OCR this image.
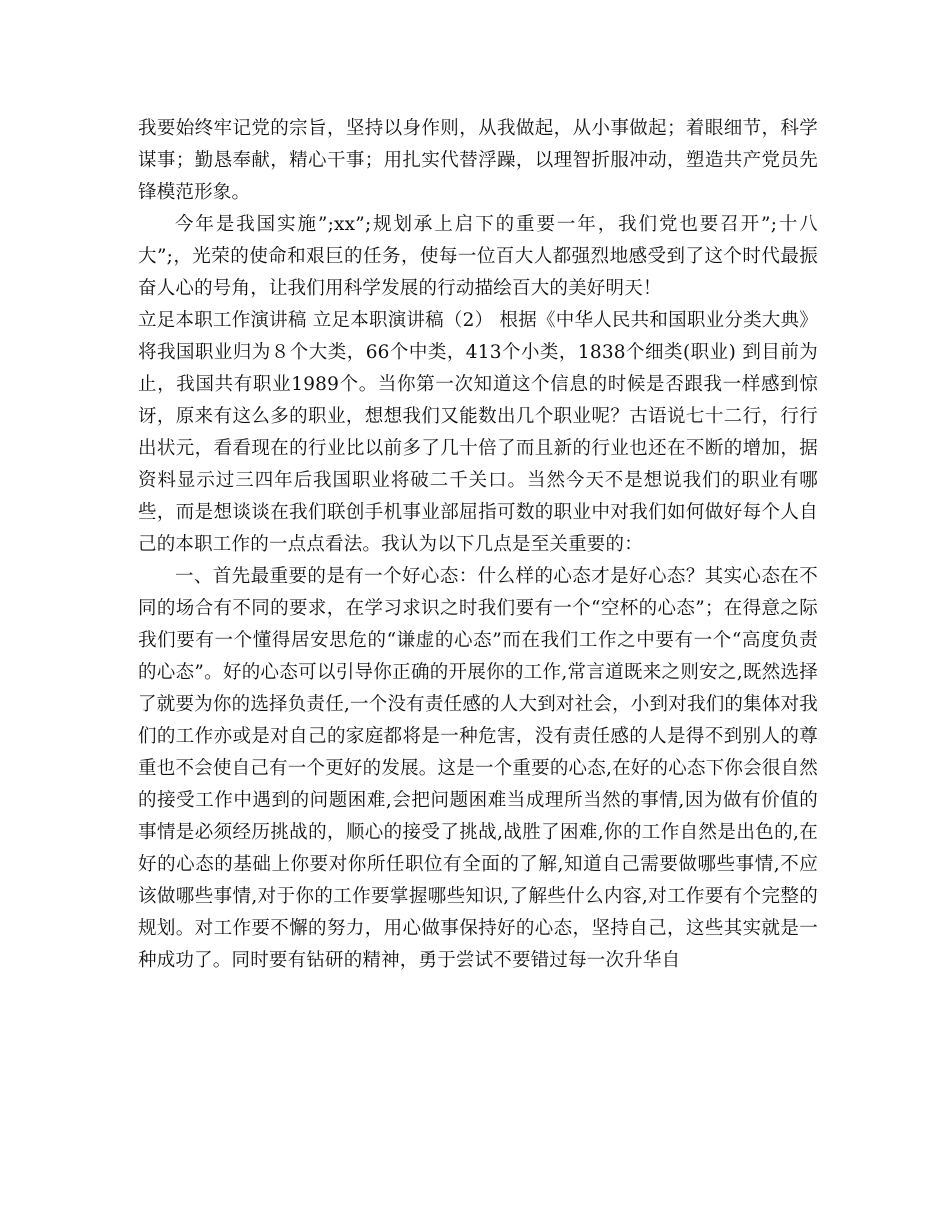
我要始终牢记党的宗旨，坚持以身作则，从我做起，从小事做起；着眼细节，科学谋事；勤恳奉献，精心干事；用扎实代替浮躁，以理智折服冲动，塑造共产党员先锋模范形象。

今年是我国实施”;xx”;规划承上启下的重要一年，我们党也要召开”;十八大”;，光荣的使命和艰巨的任务，使每一位百大人都强烈地感受到了这个时代最振奋人心的号角，让我们用科学发展的行动描绘百大的美好明天！

立足本职工作演讲稿 立足本职演讲稿（2） 根据《中华人民共和国职业分类大典》将我国职业归为８个大类，66个中类，413个小类，1838个细类(职业) 到目前为止，我国共有职业1989个。当你第一次知道这个信息的时候是否跟我一样感到惊讶，原来有这么多的职业，想想我们又能数出几个职业呢？古语说七十二行，行行出状元，看看现在的行业比以前多了几十倍了而且新的行业也还在不断的增加，据资料显示过三四年后我国职业将破二千关口。当然今天不是想说我们的职业有哪些，而是想谈谈在我们联创手机事业部屈指可数的职业中对我们如何做好每个人自己的本职工作的一点点看法。我认为以下几点是至关重要的：

一、首先最重要的是有一个好心态：什么样的心态才是好心态？其实心态在不同的场合有不同的要求，在学习求识之时我们要有一个“空杯的心态”；在得意之际我们要有一个懂得居安思危的“谦虚的心态”而在我们工作之中要有一个“高度负责的心态”。好的心态可以引导你正确的开展你的工作,常言道既来之则安之,既然选择了就要为你的选择负责任,一个没有责任感的人大到对社会，小到对我们的集体对我们的工作亦或是对自己的家庭都将是一种危害，没有责任感的人是得不到别人的尊重也不会使自己有一个更好的发展。这是一个重要的心态,在好的心态下你会很自然的接受工作中遇到的问题困难,会把问题困难当成理所当然的事情,因为做有价值的事情是必须经历挑战的，顺心的接受了挑战,战胜了困难,你的工作自然是出色的,在好的心态的基础上你要对你所任职位有全面的了解,知道自己需要做哪些事情,不应该做哪些事情,对于你的工作要掌握哪些知识,了解些什么内容,对工作要有个完整的规划。对工作要不懈的努力，用心做事保持好的心态，坚持自己，这些其实就是一种成功了。同时要有钻研的精神，勇于尝试不要错过每一次升华自
